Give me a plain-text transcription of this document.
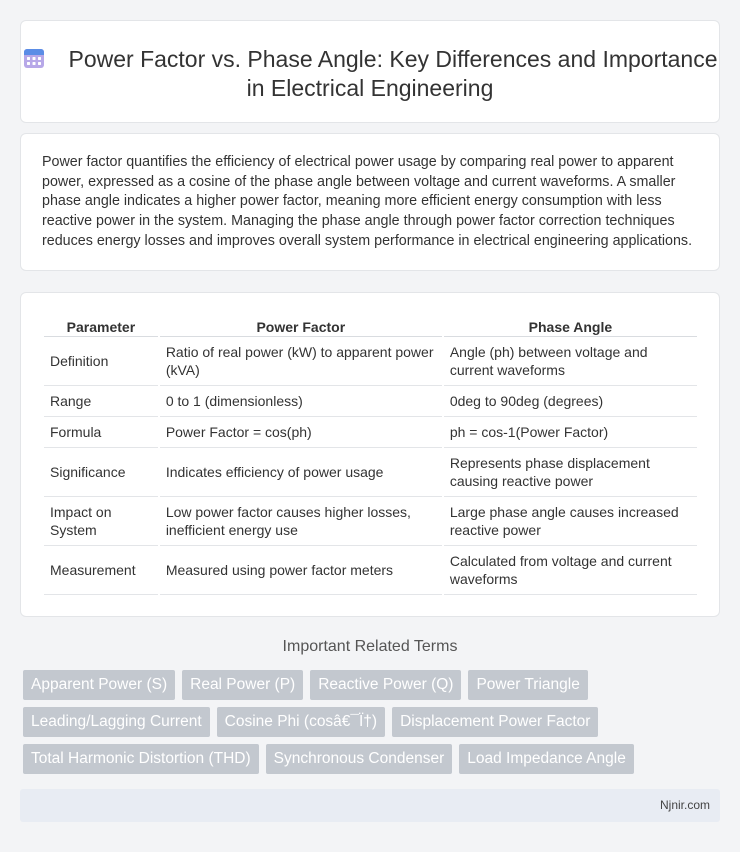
Power Factor vs. Phase Angle: Key Differences and Importance in Electrical Engineering

Power factor quantifies the efficiency of electrical power usage by comparing real power to apparent power, expressed as a cosine of the phase angle between voltage and current waveforms. A smaller phase angle indicates a higher power factor, meaning more efficient energy consumption with less reactive power in the system. Managing the phase angle through power factor correction techniques reduces energy losses and improves overall system performance in electrical engineering applications.

Parameter	Power Factor	Phase Angle
Definition	Ratio of real power (kW) to apparent power (kVA)	Angle (ph) between voltage and current waveforms
Range	0 to 1 (dimensionless)	0deg to 90deg (degrees)
Formula	Power Factor = cos(ph)	ph = cos-1(Power Factor)
Significance	Indicates efficiency of power usage	Represents phase displacement causing reactive power
Impact on System	Low power factor causes higher losses, inefficient energy use	Large phase angle causes increased reactive power
Measurement	Measured using power factor meters	Calculated from voltage and current waveforms
Important Related Terms
Apparent Power (S)	Real Power (P)	Reactive Power (Q)	Power Triangle
Leading/Lagging Current	Cosine Phi (cosâ€¯Ï†)	Displacement Power Factor
Total Harmonic Distortion (THD)	Synchronous Condenser	Load Impedance Angle
Njnir.com
